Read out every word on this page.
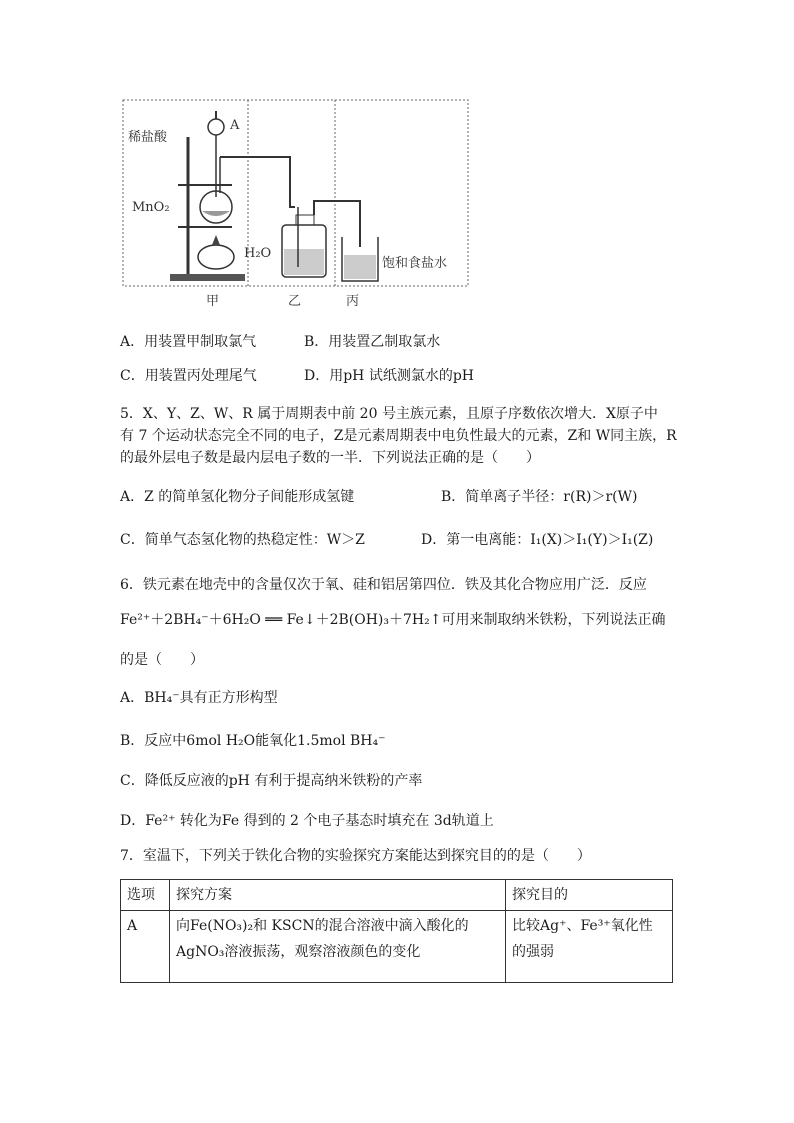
稀盐酸
A
MnO₂
H₂O
饱和食盐水
甲	乙	丙
A．用装置甲制取氯气	B．用装置乙制取氯水
C．用装置丙处理尾气	D．用pH 试纸测氯水的pH
5．X、Y、Z、W、R 属于周期表中前 20 号主族元素，且原子序数依次增大．X原子中
有 7 个运动状态完全不同的电子，Z是元素周期表中电负性最大的元素，Z和 W同主族，R
的最外层电子数是最内层电子数的一半．下列说法正确的是（　　）
A．Z 的简单氢化物分子间能形成氢键	B．简单离子半径：r(R)＞r(W)
C．简单气态氢化物的热稳定性：W＞Z	D．第一电离能：I₁(X)＞I₁(Y)＞I₁(Z)
6．铁元素在地壳中的含量仅次于氧、硅和铝居第四位．铁及其化合物应用广泛．反应
Fe²⁺＋2BH₄⁻＋6H₂O ══ Fe↓＋2B(OH)₃＋7H₂↑可用来制取纳米铁粉，下列说法正确
的是（　　）
A．BH₄⁻具有正方形构型
B．反应中6mol H₂O能氧化1.5mol BH₄⁻
C．降低反应液的pH 有利于提高纳米铁粉的产率
D．Fe²⁺ 转化为Fe 得到的 2 个电子基态时填充在 3d轨道上
7．室温下，下列关于铁化合物的实验探究方案能达到探究目的的是（　　）
选项	探究方案	探究目的
A	向Fe(NO₃)₂和 KSCN的混合溶液中滴入酸化的AgNO₃溶液振荡，观察溶液颜色的变化	比较Ag⁺、Fe³⁺氧化性的强弱
